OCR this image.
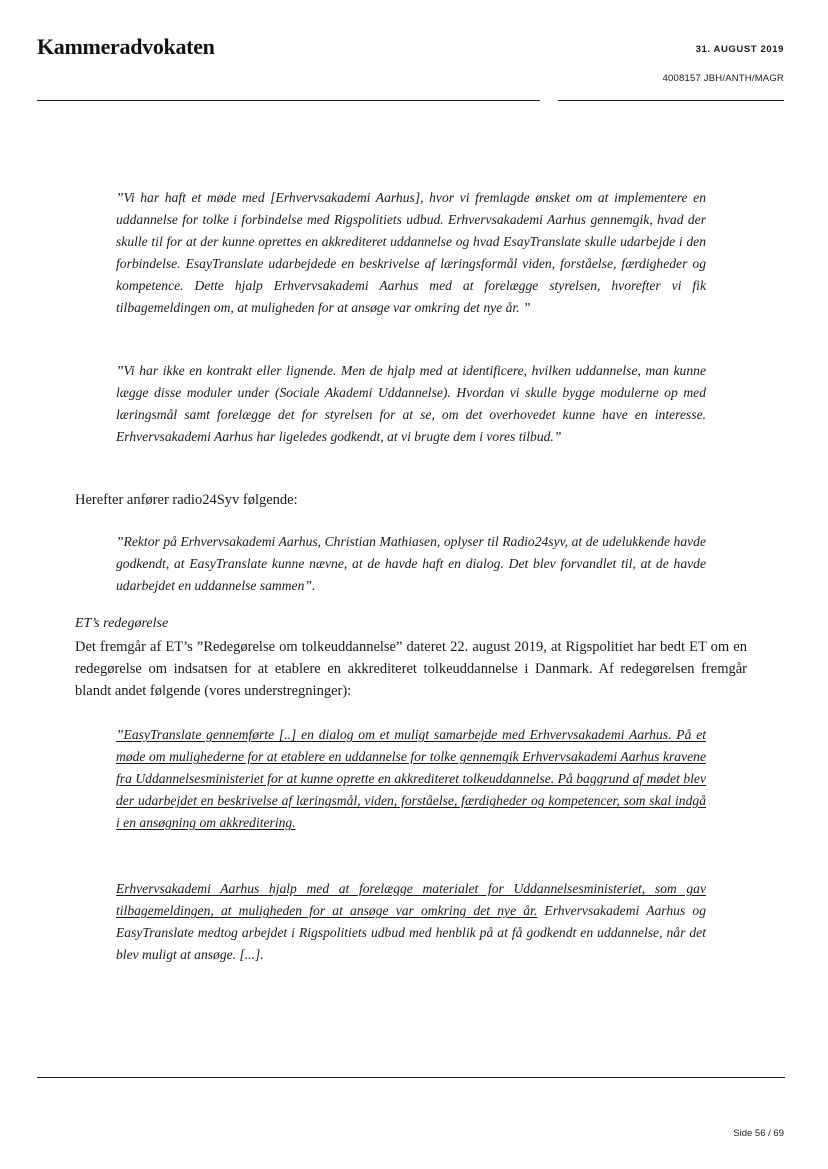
Kammeradvokaten	31. AUGUST 2019
4008157 JBH/ANTH/MAGR
”Vi har haft et møde med [Erhvervsakademi Aarhus], hvor vi fremlagde ønsket om at implementere en uddannelse for tolke i forbindelse med Rigspolitiets udbud. Erhvervsakademi Aarhus gennemgik, hvad der skulle til for at der kunne oprettes en akkrediteret uddannelse og hvad EsayTranslate skulle udarbejde i den forbindelse. EsayTranslate udarbejdede en beskrivelse af læringsformål viden, forståelse, færdigheder og kompetence. Dette hjalp Erhvervsakademi Aarhus med at forelægge styrelsen, hvorefter vi fik tilbagemeldingen om, at muligheden for at ansøge var omkring det nye år. ”
”Vi har ikke en kontrakt eller lignende. Men de hjalp med at identificere, hvilken uddannelse, man kunne lægge disse moduler under (Sociale Akademi Uddannelse). Hvordan vi skulle bygge modulerne op med læringsmål samt forelægge det for styrelsen for at se, om det overhovedet kunne have en interesse. Erhvervsakademi Aarhus har ligeledes godkendt, at vi brugte dem i vores tilbud.”
Herefter anfører radio24Syv følgende:
”Rektor på Erhvervsakademi Aarhus, Christian Mathiasen, oplyser til Radio24syv, at de udelukkende havde godkendt, at EasyTranslate kunne nævne, at de havde haft en dialog. Det blev forvandlet til, at de havde udarbejdet en uddannelse sammen”.
ET’s redegørelse
Det fremgår af ET’s ”Redegørelse om tolkeuddannelse” dateret 22. august 2019, at Rigspolitiet har bedt ET om en redegørelse om indsatsen for at etablere en akkrediteret tolkeuddannelse i Danmark. Af redegørelsen fremgår blandt andet følgende (vores understregninger):
”EasyTranslate gennemførte [..] en dialog om et muligt samarbejde med Erhvervsakademi Aarhus. På et møde om mulighederne for at etablere en uddannelse for tolke gennemgik Erhvervsakademi Aarhus kravene fra Uddannelsesministeriet for at kunne oprette en akkrediteret tolkeuddannelse. På baggrund af mødet blev der udarbejdet en beskrivelse af læringsmål, viden, forståelse, færdigheder og kompetencer, som skal indgå i en ansøgning om akkreditering.
Erhvervsakademi Aarhus hjalp med at forelægge materialet for Uddannelsesministeriet, som gav tilbagemeldingen, at muligheden for at ansøge var omkring det nye år. Erhvervsakademi Aarhus og EasyTranslate medtog arbejdet i Rigspolitiets udbud med henblik på at få godkendt en uddannelse, når det blev muligt at ansøge. [...].
Side 56 / 69
